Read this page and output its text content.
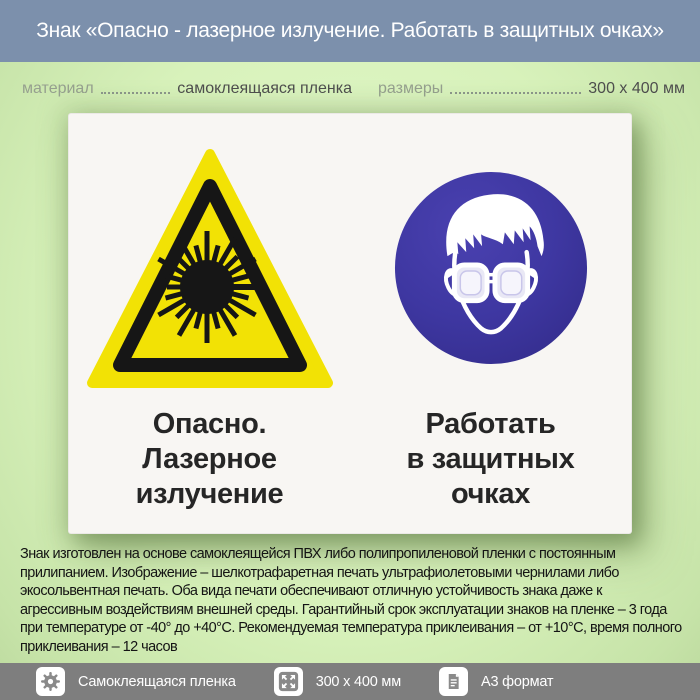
Знак «Опасно - лазерное излучение. Работать в защитных очках»
материал	самоклеящаяся пленка размеры	300 x 400 мм
Опасно.
Лазерное
излучение
Работать
в защитных
очках
Знак изготовлен на основе самоклеящейся ПВХ либо полипропиленовой пленки с постоянным прилипанием. Изображение – шелкотрафаретная печать ультрафиолетовыми чернилами либо экосольвентная печать. Оба вида печати обеспечивают отличную устойчивость знака даже к агрессивным воздействиям внешней среды. Гарантийный срок эксплуатации знаков на пленке – 3 года при температуре от -40° до +40°С. Рекомендуемая температура приклеивания – от +10°С, время полного приклеивания – 12 часов
Самоклеящаяся пленка	300 x 400 мм	A3 формат
